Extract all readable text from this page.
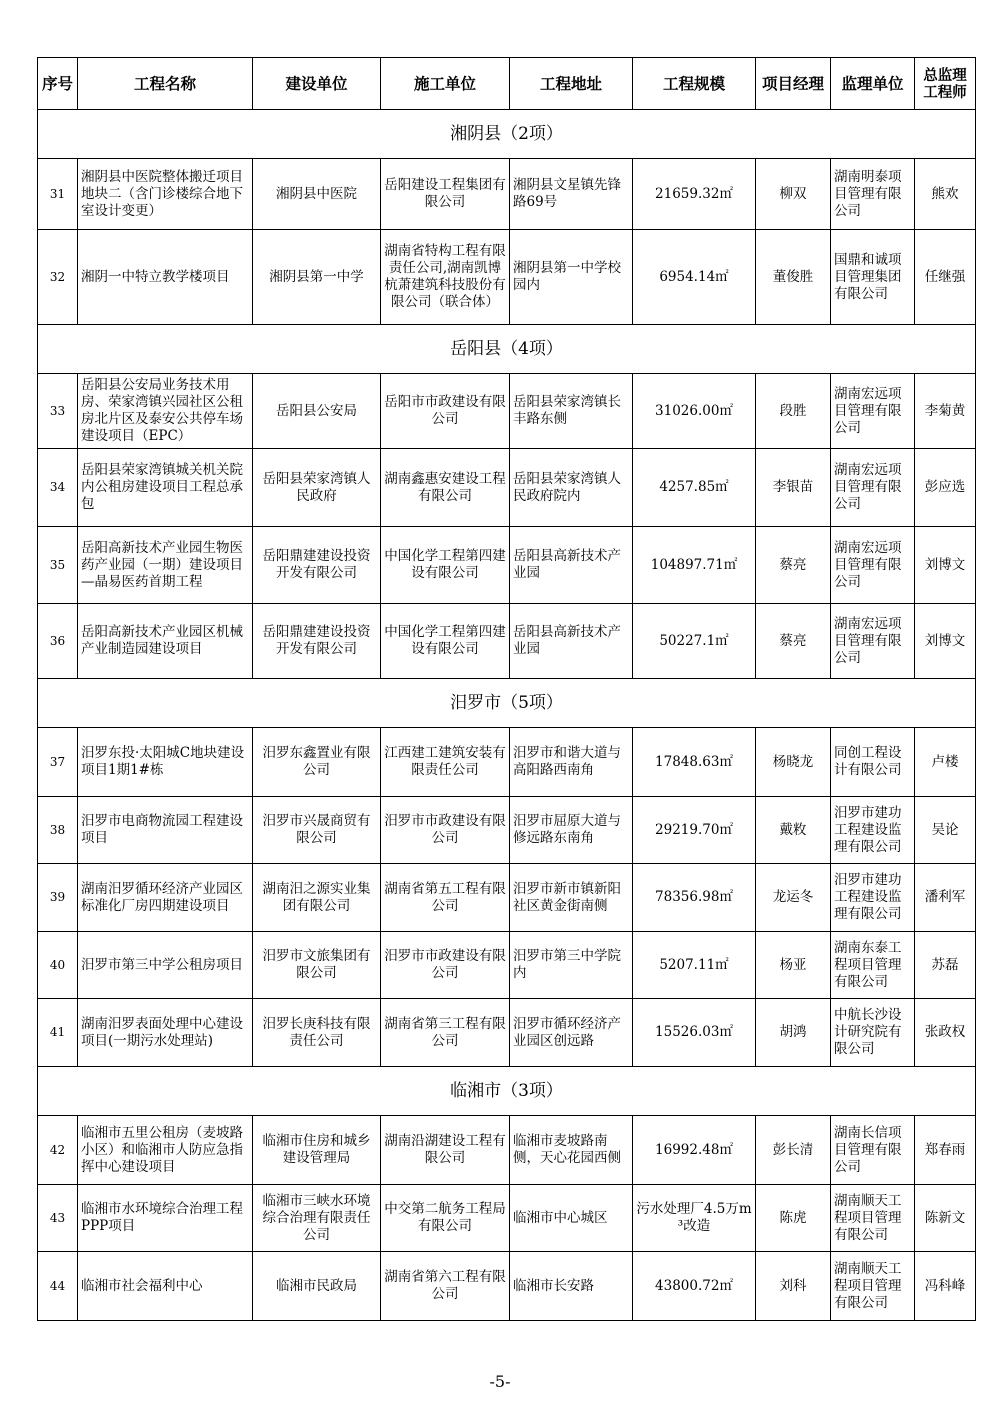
序号	工程名称	建设单位	施工单位	工程地址	工程规模	项目经理	监理单位	总监理工程师
湘阴县（2项）								
31	湘阴县中医院整体搬迁项目地块二（含门诊楼综合地下室设计变更）	湘阴县中医院	岳阳建设工程集团有限公司	湘阴县文星镇先锋路69号	21659.32㎡	柳双	湖南明泰项目管理有限公司	熊欢
32	湘阴一中特立教学楼项目	湘阴县第一中学	湖南省特构工程有限责任公司,湖南凯博杭萧建筑科技股份有限公司（联合体）	湘阴县第一中学校园内	6954.14㎡	董俊胜	国鼎和诚项目管理集团有限公司	任继强
岳阳县（4项）								
33	岳阳县公安局业务技术用房、荣家湾镇兴园社区公租房北片区及泰安公共停车场建设项目（EPC）	岳阳县公安局	岳阳市市政建设有限公司	岳阳县荣家湾镇长丰路东侧	31026.00㎡	段胜	湖南宏远项目管理有限公司	李菊黄
34	岳阳县荣家湾镇城关机关院内公租房建设项目工程总承包	岳阳县荣家湾镇人民政府	湖南鑫惠安建设工程有限公司	岳阳县荣家湾镇人民政府院内	4257.85㎡	李银苗	湖南宏远项目管理有限公司	彭应选
35	岳阳高新技术产业园生物医药产业园（一期）建设项目—晶易医药首期工程	岳阳鼎建建设投资开发有限公司	中国化学工程第四建设有限公司	岳阳县高新技术产业园	104897.71㎡	蔡亮	湖南宏远项目管理有限公司	刘博文
36	岳阳高新技术产业园区机械产业制造园建设项目	岳阳鼎建建设投资开发有限公司	中国化学工程第四建设有限公司	岳阳县高新技术产业园	50227.1㎡	蔡亮	湖南宏远项目管理有限公司	刘博文
汨罗市（5项）								
37	汨罗东投·太阳城C地块建设项目1期1#栋	汨罗东鑫置业有限公司	江西建工建筑安装有限责任公司	汨罗市和谐大道与高阳路西南角	17848.63㎡	杨晓龙	同创工程设计有限公司	卢楼
38	汨罗市电商物流园工程建设项目	汨罗市兴晟商贸有限公司	汨罗市市政建设有限公司	汨罗市屈原大道与修远路东南角	29219.70㎡	戴敉	汨罗市建功工程建设监理有限公司	吴论
39	湖南汨罗循环经济产业园区标准化厂房四期建设项目	湖南汨之源实业集团有限公司	湖南省第五工程有限公司	汨罗市新市镇新阳社区黄金街南侧	78356.98㎡	龙运冬	汨罗市建功工程建设监理有限公司	潘利军
40	汨罗市第三中学公租房项目	汨罗市文旅集团有限公司	汨罗市市政建设有限公司	汨罗市第三中学院内	5207.11㎡	杨亚	湖南东泰工程项目管理有限公司	苏磊
41	湖南汨罗表面处理中心建设项目(一期污水处理站)	汨罗长庚科技有限责任公司	湖南省第三工程有限公司	汨罗市循环经济产业园区创远路	15526.03㎡	胡鸿	中航长沙设计研究院有限公司	张政权
临湘市（3项）								
42	临湘市五里公租房（麦坡路小区）和临湘市人防应急指挥中心建设项目	临湘市住房和城乡建设管理局	湖南沿湖建设工程有限公司	临湘市麦坡路南侧，天心花园西侧	16992.48㎡	彭长清	湖南长信项目管理有限公司	郑春雨
43	临湘市水环境综合治理工程PPP项目	临湘市三峡水环境综合治理有限责任公司	中交第二航务工程局有限公司	临湘市中心城区	污水处理厂4.5万m³改造	陈虎	湖南顺天工程项目管理有限公司	陈新文
44	临湘市社会福利中心	临湘市民政局	湖南省第六工程有限公司	临湘市长安路	43800.72㎡	刘科	湖南顺天工程项目管理有限公司	冯科峰
-5-
